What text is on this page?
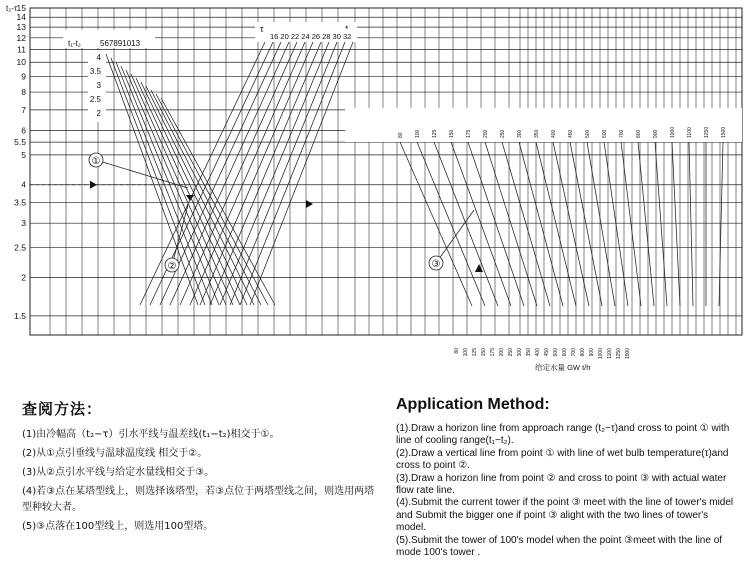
t₂-τ 15
14
13
12
11
10
9
8
7
6
5.5
5
4
3.5
3
2.5
2
1.5
t₁-t₂ 567891013
4
3.5
3
2.5
2
τ
16 20 22 24 26 28 30 32
*
80 100 125 150 175 200 250 300 350 400 450 500 600 700 800 900 1000 1100 1250 1500
80 100 125 150 175 200 250 300 350 400 450 500 600 700 800 900 1000 1100 1250 1500
给定水量 GW t/h
①
②	③
查阅方法：

(1)由冷幅高（t₂−τ）引水平线与温差线(t₁−t₂)相交于①。

(2)从①点引垂线与温球温度线 相交于②。

(3)从②点引水平线与给定水量线相交于③。

(4)若③点在某塔型线上，则选择该塔型，若③点位于两塔型线之间，则选用两塔型种较大者。

(5)③点落在100型线上，则选用100型塔。

Application Method:

(1).Draw a horizon line from approach range (t₂−τ)and cross to point ① with line of cooling range(t₁−t₂).

(2).Draw a vertical line from point ① with line of wet bulb temperature(τ)and cross to point ②.

(3).Draw a horizon line from point ② and cross to point ③ with actual water flow rate line.

(4).Submit the current tower if the point ③ meet with the line of tower's midel and Submit the bigger one if point ③ alight with the two lines of tower's model.

(5).Submit the tower of 100's model when the point ③meet with the line of mode 100's tower .
